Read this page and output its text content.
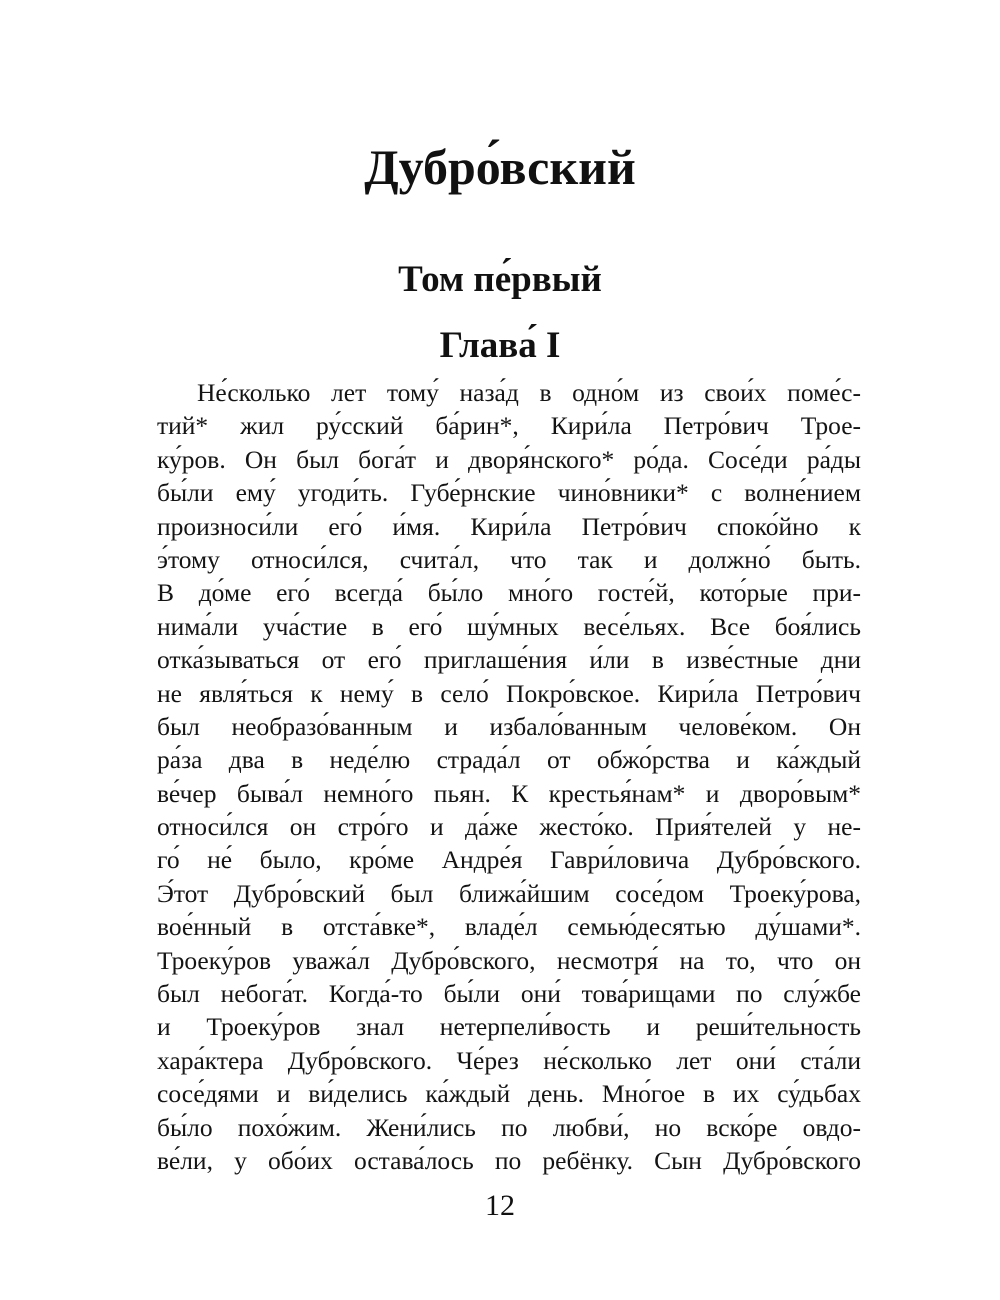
Дубро́вский
Том пе́рвый
Глава́ I
Не́сколько лет тому́ наза́д в одно́м из свои́х поме́с-
тий* жил ру́сский ба́рин*, Кири́ла Петро́вич Трое-
ку́ров. Он был бога́т и дворя́нского* ро́да. Сосе́ди ра́ды
бы́ли ему́ угоди́ть. Губе́рнские чино́вники* с волне́нием
произноси́ли его́ и́мя. Кири́ла Петро́вич споко́йно к
э́тому относи́лся, счита́л, что так и должно́ быть.
В до́ме его́ всегда́ бы́ло мно́го госте́й, кото́рые при-
нима́ли уча́стие в его́ шу́мных весе́льях. Все боя́лись
отка́зываться от его́ приглаше́ния и́ли в изве́стные дни
не явля́ться к нему́ в село́ Покро́вское. Кири́ла Петро́вич
был необразо́ванным и избало́ванным челове́ком. Он
ра́за два в неде́лю страда́л от обжо́рства и ка́ждый
ве́чер быва́л немно́го пьян. К крестья́нам* и дворо́вым*
относи́лся он стро́го и да́же жесто́ко. Прия́телей у не-
го́ не́ было, кро́ме Андре́я Гаври́ловича Дубро́вского.
Э́тот Дубро́вский был ближа́йшим сосе́дом Троеку́рова,
вое́нный в отста́вке*, владе́л семью́десятью ду́шами*.
Троеку́ров уважа́л Дубро́вского, несмотря́ на то, что он
был небога́т. Когда́-то бы́ли они́ това́рищами по слу́жбе
и Троеку́ров знал нетерпели́вость и реши́тельность
хара́ктера Дубро́вского. Че́рез не́сколько лет они́ ста́ли
сосе́дями и ви́делись ка́ждый день. Мно́гое в их су́дьбах
бы́ло похо́жим. Жени́лись по любви́, но вско́ре овдо-
ве́ли, у обо́их остава́лось по ребёнку. Сын Дубро́вского
12
